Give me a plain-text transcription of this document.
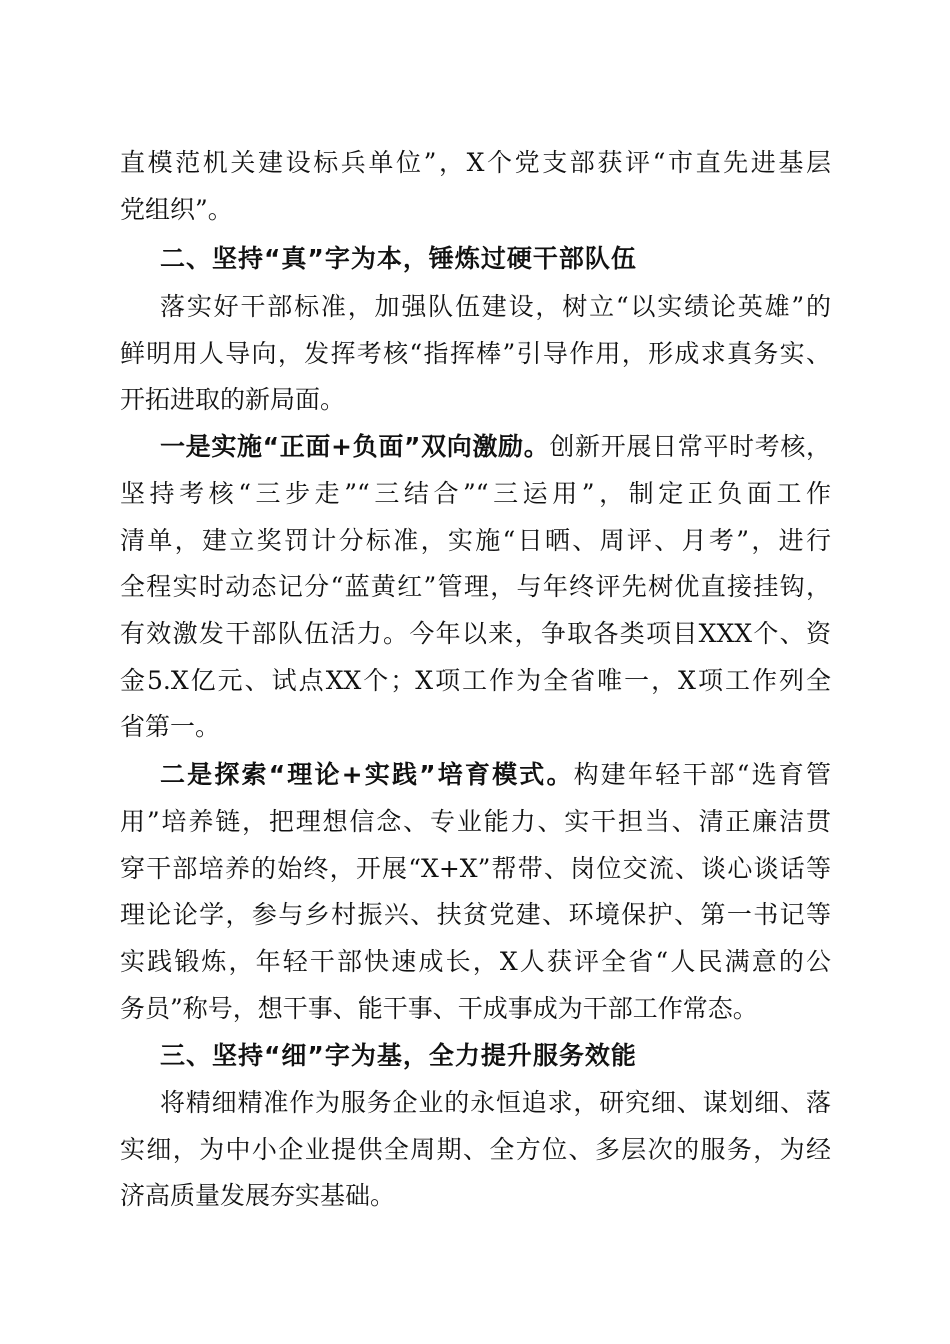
直模范机关建设标兵单位”，X个党支部获评“市直先进基层
党组织”。
二、坚持“真”字为本，锤炼过硬干部队伍
落实好干部标准，加强队伍建设，树立“以实绩论英雄”的
鲜明用人导向，发挥考核“指挥棒”引导作用，形成求真务实、
开拓进取的新局面。
一是实施“正面+负面”双向激励。创新开展日常平时考核，
坚持考核“三步走”“三结合”“三运用”，制定正负面工作
清单，建立奖罚计分标准，实施“日晒、周评、月考”，进行
全程实时动态记分“蓝黄红”管理，与年终评先树优直接挂钩，
有效激发干部队伍活力。今年以来，争取各类项目XXX个、资
金5.X亿元、试点XX个；X项工作为全省唯一，X项工作列全
省第一。
二是探索“理论+实践”培育模式。构建年轻干部“选育管
用”培养链，把理想信念、专业能力、实干担当、清正廉洁贯
穿干部培养的始终，开展“X+X”帮带、岗位交流、谈心谈话等
理论论学，参与乡村振兴、扶贫党建、环境保护、第一书记等
实践锻炼，年轻干部快速成长，X人获评全省“人民满意的公
务员”称号，想干事、能干事、干成事成为干部工作常态。
三、坚持“细”字为基，全力提升服务效能
将精细精准作为服务企业的永恒追求，研究细、谋划细、落
实细，为中小企业提供全周期、全方位、多层次的服务，为经
济高质量发展夯实基础。
